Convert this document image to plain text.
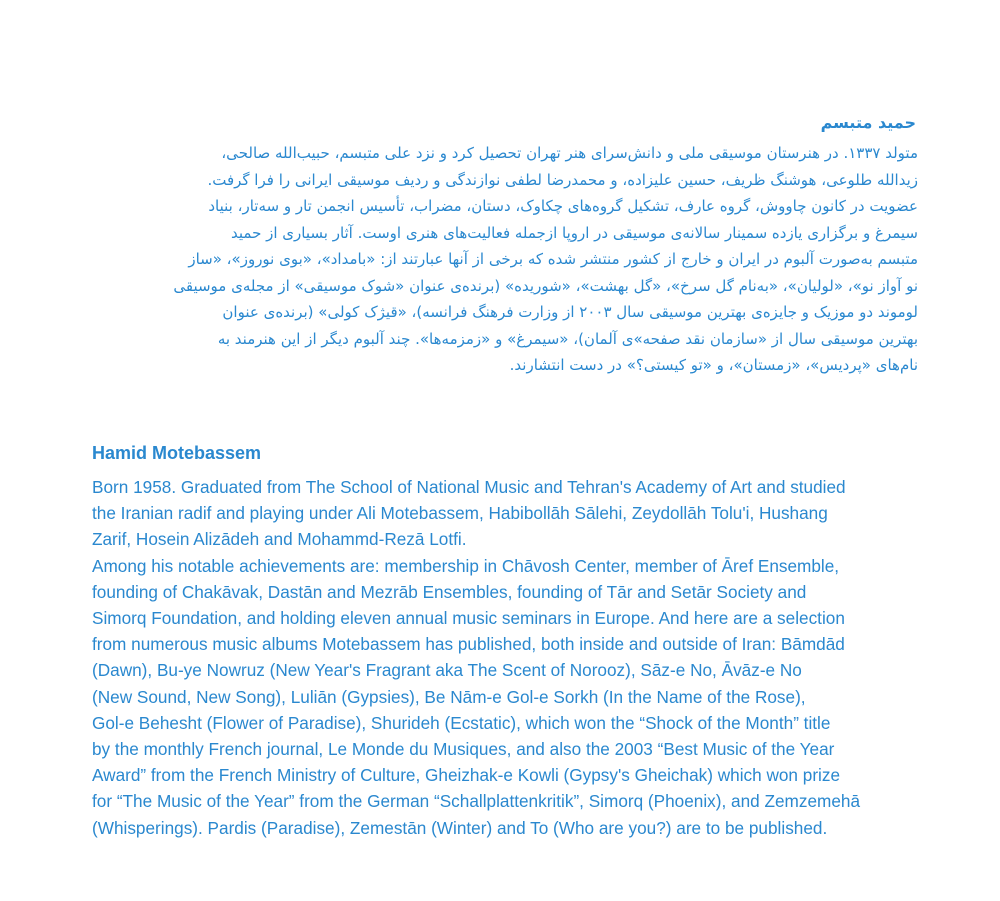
حمید متبسم
متولد ۱۳۳۷. در هنرستان موسیقی ملی و دانش‌سرای هنر تهران تحصیل کرد و نزد علی متبسم، حبیب‌الله صالحی،
زیدالله طلوعی، هوشنگ ظریف، حسین علیزاده، و محمدرضا لطفی نوازندگی و ردیف موسیقی ایرانی را فرا گرفت.
عضویت در کانون چاووش، گروه عارف، تشکیل گروه‌های چکاوک، دستان، مضراب، تأسیس انجمن تار و سه‌تار، بنیاد
سیمرغ و برگزاری یازده سمینار سالانه‌ی موسیقی در اروپا ازجمله فعالیت‌های هنری اوست. آثار بسیاری از حمید
متبسم به‌صورت آلبوم در ایران و خارج از کشور منتشر شده که برخی از آنها عبارتند از: «بامداد»، «بوی نوروز»، «ساز
نو آواز نو»، «لولیان»، «به‌نام گل سرخ»، «گل بهشت»، «شوریده» (برنده‌ی عنوان «شوک موسیقی» از مجله‌ی موسیقی
لوموند دو موزیک و جایزه‌ی بهترین موسیقی سال ۲۰۰۳ از وزارت فرهنگ فرانسه)، «قیژک کولی» (برنده‌ی عنوان
بهترین موسیقی سال از «سازمان نقد صفحه»ی آلمان)، «سیمرغ» و «زمزمه‌ها». چند آلبوم دیگر از این هنرمند به
نام‌های «پردیس»، «زمستان»، و «تو کیستی؟» در دست انتشارند.
Hamid Motebassem
Born 1958. Graduated from The School of National Music and Tehran's Academy of Art and studied
the Iranian radif and playing under Ali Motebassem, Habibollāh Sālehi, Zeydollāh Tolu'i, Hushang
Zarif, Hosein Alizādeh and Mohammd-Rezā Lotfi.
Among his notable achievements are: membership in Chāvosh Center, member of Āref Ensemble,
founding of Chakāvak, Dastān and Mezrāb Ensembles, founding of Tār and Setār Society and
Simorq Foundation, and holding eleven annual music seminars in Europe. And here are a selection
from numerous music albums Motebassem has published, both inside and outside of Iran: Bāmdād
(Dawn), Bu-ye Nowruz (New Year's Fragrant aka The Scent of Norooz), Sāz-e No, Āvāz-e No
(New Sound, New Song), Luliān (Gypsies), Be Nām-e Gol-e Sorkh (In the Name of the Rose),
Gol-e Behesht (Flower of Paradise), Shurideh (Ecstatic), which won the “Shock of the Month” title
by the monthly French journal, Le Monde du Musiques, and also the 2003 “Best Music of the Year
Award” from the French Ministry of Culture, Gheizhak-e Kowli (Gypsy's Gheichak) which won prize
for “The Music of the Year” from the German “Schallplattenkritik”, Simorq (Phoenix), and Zemzemehā
(Whisperings). Pardis (Paradise), Zemestān (Winter) and To (Who are you?) are to be published.
